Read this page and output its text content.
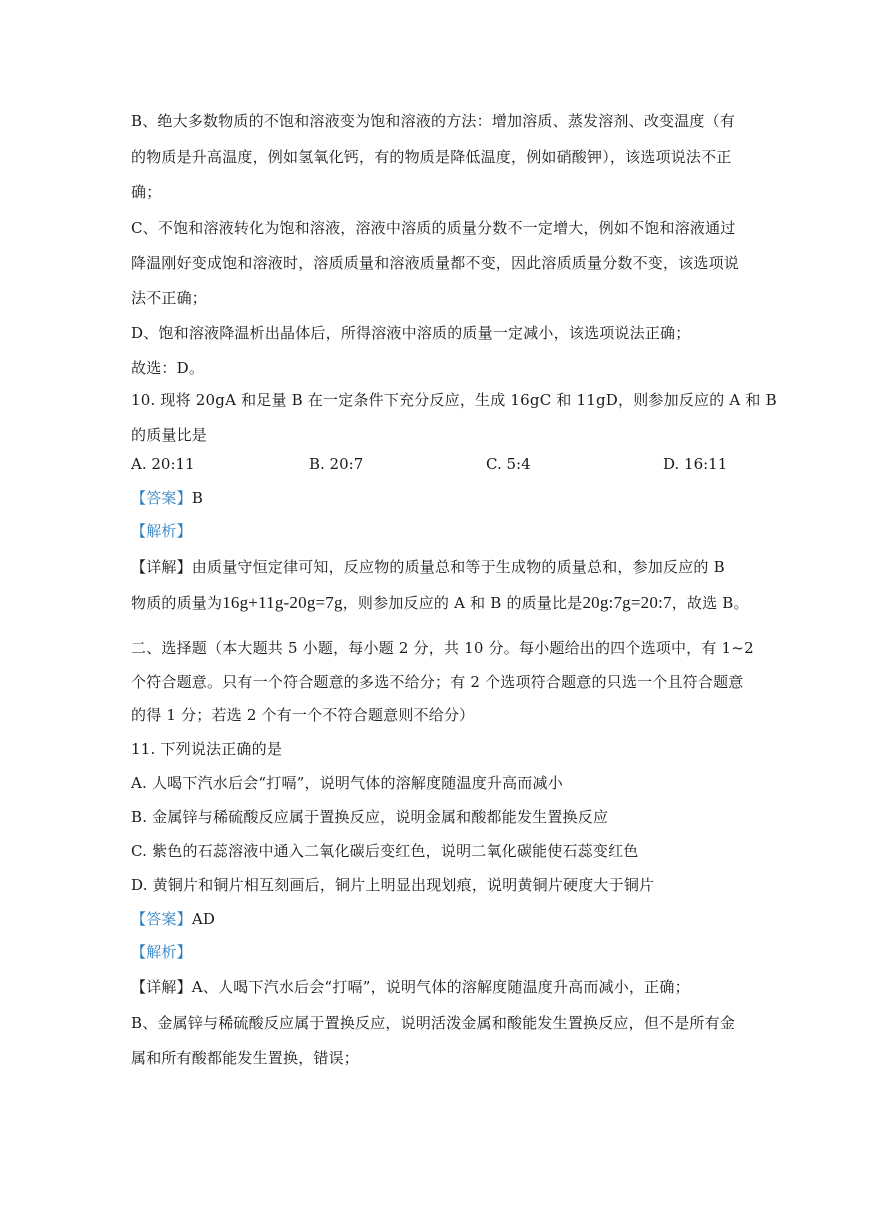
B、绝大多数物质的不饱和溶液变为饱和溶液的方法：增加溶质、蒸发溶剂、改变温度（有
的物质是升高温度，例如氢氧化钙，有的物质是降低温度，例如硝酸钾），该选项说法不正
确；
C、不饱和溶液转化为饱和溶液，溶液中溶质的质量分数不一定增大，例如不饱和溶液通过
降温刚好变成饱和溶液时，溶质质量和溶液质量都不变，因此溶质质量分数不变，该选项说
法不正确；
D、饱和溶液降温析出晶体后，所得溶液中溶质的质量一定减小，该选项说法正确；
故选：D。
10. 现将 20gA 和足量 B 在一定条件下充分反应，生成 16gC 和 11gD，则参加反应的 A 和 B
的质量比是
A. 20:11	B. 20:7	C. 5:4	D. 16:11
【答案】B
【解析】
【详解】由质量守恒定律可知，反应物的质量总和等于生成物的质量总和，参加反应的 B
物质的质量为16g+11g-20g=7g，则参加反应的 A 和 B 的质量比是20g:7g=20:7，故选 B。
二、选择题（本大题共 5 小题，每小题 2 分，共 10 分。每小题给出的四个选项中，有 1~2
个符合题意。只有一个符合题意的多选不给分；有 2 个选项符合题意的只选一个且符合题意
的得 1 分；若选 2 个有一个不符合题意则不给分）
11. 下列说法正确的是
A. 人喝下汽水后会“打嗝”，说明气体的溶解度随温度升高而减小
B. 金属锌与稀硫酸反应属于置换反应，说明金属和酸都能发生置换反应
C. 紫色的石蕊溶液中通入二氧化碳后变红色，说明二氧化碳能使石蕊变红色
D. 黄铜片和铜片相互刻画后，铜片上明显出现划痕，说明黄铜片硬度大于铜片
【答案】AD
【解析】
【详解】A、人喝下汽水后会“打嗝”，说明气体的溶解度随温度升高而减小，正确；
B、金属锌与稀硫酸反应属于置换反应，说明活泼金属和酸能发生置换反应，但不是所有金
属和所有酸都能发生置换，错误；
